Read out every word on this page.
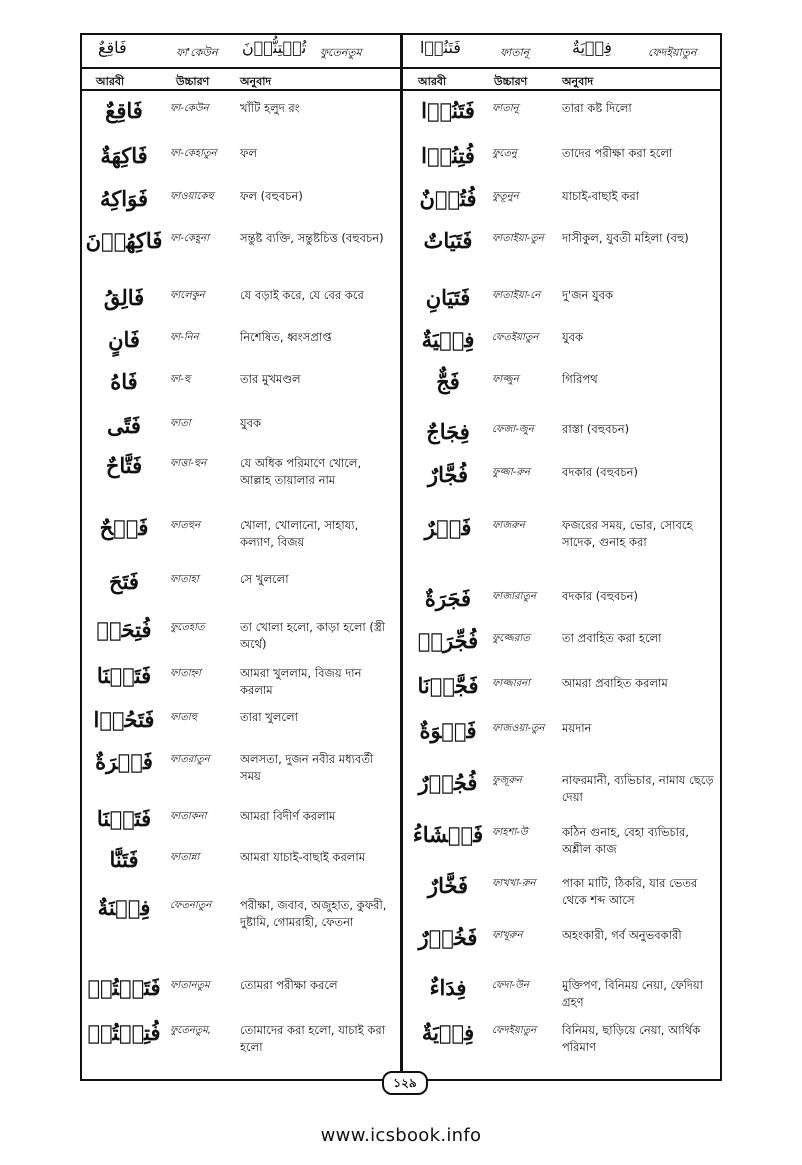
فَاقِعٌ	ফা'কেউন تُفۡتِنُّوۡنَ ফুতেনতুম	فَتَنُوۡا	ফাতানূ	فِدۡيَةٌ	ফেদইয়াতুন
আরবী	উচ্চারণ	অনুবাদ	আরবী	উচ্চারণ	অনুবাদ
فَاقِعٌ	ফা-কেউন	খাঁটি হলুদ রং
فَاكِهَةٌ	ফা-কেহাতুন	ফল
فَوَاكِهُ	ফাওয়াকেহু	ফল (বহুবচন)
فَاكِهُوۡنَ ফা-কেহূনা	সন্তুষ্ট ব্যক্তি, সন্তুষ্টচিত্ত (বহুবচন)
فَالِقُ	ফালেকুন	যে বড়াই করে, যে বের করে
فَانٍ	ফা-নিন	নিশেষিত, ধ্বংসপ্রাপ্ত
فَاهُ	ফা-হু	তার মুখমণ্ডল
فَتًى	ফাতা	যুবক
فَتَّاحٌ	ফাত্তা-হুন	যে অধিক পরিমাণে খোলে, আল্লাহ তায়ালার নাম
فَتۡحٌ	ফাতহুন	খোলা, খোলানো, সাহায্য, কল্যাণ, বিজয়
فَتَحَ	ফাতাহা	সে খুললো
فُتِحَتۡ	ফুতেহাত	তা খোলা হলো, কাড়া হলো (স্ত্রী অর্থে)
فَتَحۡنَا	ফাতাহ্না	আমরা খুললাম, বিজয় দান করলাম
فَتَحُوۡا	ফাতাহু	তারা খুললো
فَتۡرَةٌ	ফাতরাতুন	অলসতা, দুজন নবীর মধ্যবর্তী সময়
فَتَقۡنَا	ফাতাকনা	আমরা বিদীর্ণ করলাম
فَتَنَّا	ফাতান্না	আমরা যাচাই-বাছাই করলাম
فِتۡنَةٌ	ফেতনাতুন	পরীক্ষা, জবাব, অজুহাত, কুফরী, দুষ্টামি, গোমরাহী, ফেতনা
فَتَنۡتُمۡ ফাতানতুম	তোমরা পরীক্ষা করলে
فُتِنۡتُمۡ ফুতেনতুম,	তোমাদের করা হলো, যাচাই করা হলো
فَتَنُوۡا	ফাতানূ	তারা কষ্ট দিলো
فُتِنُوۡا	ফুতেনু	তাদের পরীক্ষা করা হলো
فُتُوۡنٌ	ফুতূনুন	যাচাই-বাছাই করা
فَتَيَاتٌ	ফাতাইয়া-তুন	দাসীকুল, যুবতী মহিলা (বহু)
فَتَيَانِ	ফাতাইয়া-নে	দু'জন যুবক
فِتۡيَةٌ	ফেতইয়াতুন	যুবক
فَجٌّ	ফাজ্জুন	গিরিপথ
فِجَاجٌ	ফেজা-জুন	রাস্তা (বহুবচন)
فُجَّارٌ	ফুজ্জা-রুন	বদকার (বহুবচন)
فَجۡرٌ	ফাজরুন	ফজরের সময়, ভোর, সোবহে সাদেক, গুনাহ করা
فَجَرَةٌ	ফাজারাতুন	বদকার (বহুবচন)
فُجِّرَتۡ	ফুজ্জেরাত	তা প্রবাহিত করা হলো
فَجَّرۡنَا	ফাজ্জারনা	আমরা প্রবাহিত করলাম
فَجۡوَةٌ	ফাজওয়া-তুন	ময়দান
فُجُوۡرٌ	ফুজূরুন	নাফরমানী, ব্যভিচার, নামায ছেড়ে দেয়া
فَحۡشَاءُ ফাহশা-উ	কঠিন গুনাহ, বেহা ব্যভিচার, অশ্লীল কাজ
فَخَّارٌ	ফাখখা-রুন	পাকা মাটি, ঠিকরি, যার ভেতর থেকে শব্দ আসে
فَخُوۡرٌ	ফাখূরুন	অহংকারী, গর্ব অনুভবকারী
فِدَاءٌ	ফেদা-উন	মুক্তিপণ, বিনিময় নেয়া, ফেদিয়া গ্রহণ
فِدۡيَةٌ	ফেদইয়াতুন	বিনিময়, ছাড়িয়ে নেয়া, আর্থিক পরিমাণ
১২৯
www.icsbook.info
